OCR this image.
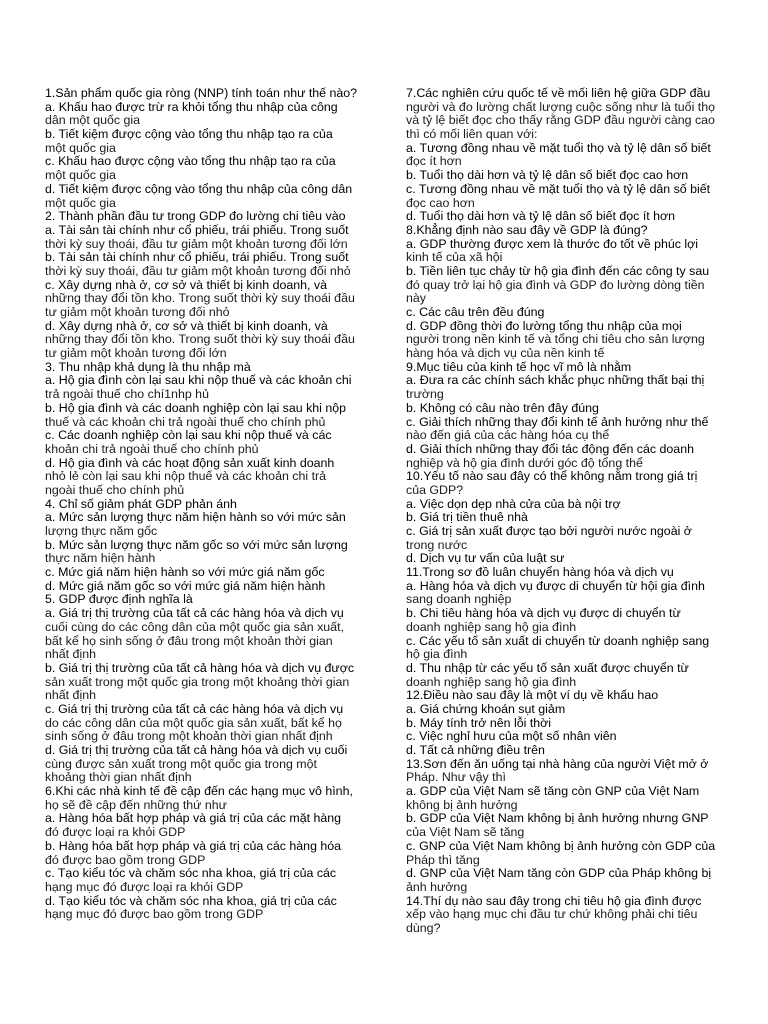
1.Sản phẩm quốc gia ròng (NNP) tính toán như thế nào?
a. Khấu hao được trừ ra khỏi tổng thu nhập của công
dân một quốc gia
b. Tiết kiệm được cộng vào tổng thu nhập tạo ra của
một quốc gia
c. Khấu hao được cộng vào tổng thu nhập tạo ra của
một quốc gia
d. Tiết kiệm được cộng vào tổng thu nhập của công dân
một quốc gia
2. Thành phần đầu tư trong GDP đo lường chi tiêu vào
a. Tài sản tài chính như cổ phiếu, trái phiếu. Trong suốt
thời kỳ suy thoái, đầu tư giảm một khoản tương đối lớn
b. Tài sản tài chính như cổ phiếu, trái phiếu. Trong suốt
thời kỳ suy thoái, đầu tư giảm một khoản tương đối nhỏ
c. Xây dựng nhà ở, cơ sở và thiết bị kinh doanh, và
những thay đổi tồn kho. Trong suốt thời kỳ suy thoái đầu
tư giảm một khoản tương đối nhỏ
d. Xây dựng nhà ở, cơ sở và thiết bị kinh doanh, và
những thay đổi tồn kho. Trong suốt thời kỳ suy thoái đầu
tư giảm một khoản tương đối lớn
3. Thu nhập khả dụng là thu nhập mà
a. Hộ gia đình còn lại sau khi nộp thuế và các khoản chi
trả ngoài thuế cho chí1nhp hủ
b. Hộ gia đình và các doanh nghiệp còn lại sau khi nộp
thuế và các khoản chi trả ngoài thuế cho chính phủ
c. Các doanh nghiệp còn lại sau khi nộp thuế và các
khoản chi trả ngoài thuế cho chính phủ
d. Hộ gia đình và các hoạt động sản xuất kinh doanh
nhỏ lẻ còn lại sau khi nộp thuế và các khoản chi trả
ngoài thuế cho chính phủ
4. Chỉ số giảm phát GDP phản ánh
a. Mức sản lượng thực năm hiện hành so với mức sản
lượng thực năm gốc
b. Mức sản lượng thực năm gốc so với mức sản lượng
thực năm hiện hành
c. Mức giá năm hiện hành so với mức giá năm gốc
d. Mức giá năm gốc so với mức giá năm hiện hành
5. GDP được định nghĩa là
a. Giá trị thị trường của tất cả các hàng hóa và dịch vụ
cuối cùng do các công dân của một quốc gia sản xuất,
bất kể họ sinh sống ở đâu trong một khoản thời gian
nhất định
b. Giá trị thị trường của tất cả hàng hóa và dịch vụ được
sản xuất trong một quốc gia trong một khoảng thời gian
nhất định
c. Giá trị thị trường của tất cả các hàng hóa và dịch vụ
do các công dân của một quốc gia sản xuất, bất kể họ
sinh sống ở đâu trong một khoản thời gian nhất định
d. Giá trị thị trường của tất cả hàng hóa và dịch vụ cuối
cùng được sản xuất trong một quốc gia trong một
khoảng thời gian nhất định
6.Khi các nhà kinh tế đề cập đến các hạng mục vô hình,
họ sẽ đề cập đến những thứ như
a. Hàng hóa bất hợp pháp và giá trị của các mặt hàng
đó được loại ra khỏi GDP
b. Hàng hóa bất hợp pháp và giá trị của các hàng hóa
đó được bao gồm trong GDP
c. Tạo kiểu tóc và chăm sóc nha khoa, giá trị của các
hạng mục đó được loại ra khỏi GDP
d. Tạo kiểu tóc và chăm sóc nha khoa, giá trị của các
hạng mục đó được bao gồm trong GDP
7.Các nghiên cứu quốc tế về mối liên hệ giữa GDP đầu
người và đo lường chất lượng cuộc sống như là tuổi thọ
và tỷ lệ biết đọc cho thấy rằng GDP đầu người càng cao
thì có mối liên quan với:
a. Tương đồng nhau về mặt tuổi thọ và tỷ lệ dân số biết
đọc ít hơn
b. Tuổi thọ dài hơn và tỷ lệ dân số biết đọc cao hơn
c. Tương đồng nhau về mặt tuổi thọ và tỷ lệ dân số biết
đọc cao hơn
d. Tuổi thọ dài hơn và tỷ lệ dân số biết đọc ít hơn
8.Khẳng định nào sau đây về GDP là đúng?
a. GDP thường được xem là thước đo tốt về phúc lợi
kinh tế của xã hội
b. Tiền liên tục chảy từ hộ gia đình đến các công ty sau
đó quay trở lại hộ gia đình và GDP đo lường dòng tiền
này
c. Các câu trên đều đúng
d. GDP đồng thời đo lường tổng thu nhập của mọi
người trong nền kinh tế và tổng chi tiêu cho sản lượng
hàng hóa và dịch vụ của nền kinh tế
9.Mục tiêu của kinh tế học vĩ mô là nhằm
a. Đưa ra các chính sách khắc phục những thất bại thị
trường
b. Không có câu nào trên đây đúng
c. Giải thích những thay đổi kinh tế ảnh hưởng như thế
nào đến giá của các hàng hóa cụ thể
d. Giải thích những thay đổi tác động đến các doanh
nghiệp và hộ gia đình dưới góc độ tổng thể
10.Yếu tố nào sau đây có thể không nằm trong giá trị
của GDP?
a. Việc dọn dẹp nhà cửa của bà nội trợ
b. Giá trị tiền thuê nhà
c. Giá trị sản xuất được tạo bởi người nước ngoài ở
trong nước
d. Dịch vụ tư vấn của luật sư
11.Trong sơ đồ luân chuyển hàng hóa và dịch vụ
a. Hàng hóa và dịch vụ được di chuyển từ hội gia đình
sang doanh nghiệp
b. Chi tiêu hàng hóa và dịch vụ được di chuyển từ
doanh nghiệp sang hộ gia đình
c. Các yếu tố sản xuất di chuyển từ doanh nghiệp sang
hộ gia đình
d. Thu nhập từ các yếu tố sản xuất được chuyển từ
doanh nghiệp sang hộ gia đình
12.Điều nào sau đây là một ví dụ về khấu hao
a. Giá chứng khoán sụt giảm
b. Máy tính trở nên lỗi thời
c. Việc nghỉ hưu của một số nhân viên
d. Tất cả những điều trên
13.Sơn đến ăn uống tại nhà hàng của người Việt mở ở
Pháp. Như vậy thì
a. GDP của Việt Nam sẽ tăng còn GNP của Việt Nam
không bị ảnh hưởng
b. GDP của Việt Nam không bị ảnh hưởng nhưng GNP
của Việt Nam sẽ tăng
c. GNP của Việt Nam không bị ảnh hưởng còn GDP của
Pháp thì tăng
d. GNP của Việt Nam tăng còn GDP của Pháp không bị
ảnh hưởng
14.Thí dụ nào sau đây trong chi tiêu hộ gia đình được
xếp vào hạng mục chi đầu tư chứ không phải chi tiêu
dùng?
